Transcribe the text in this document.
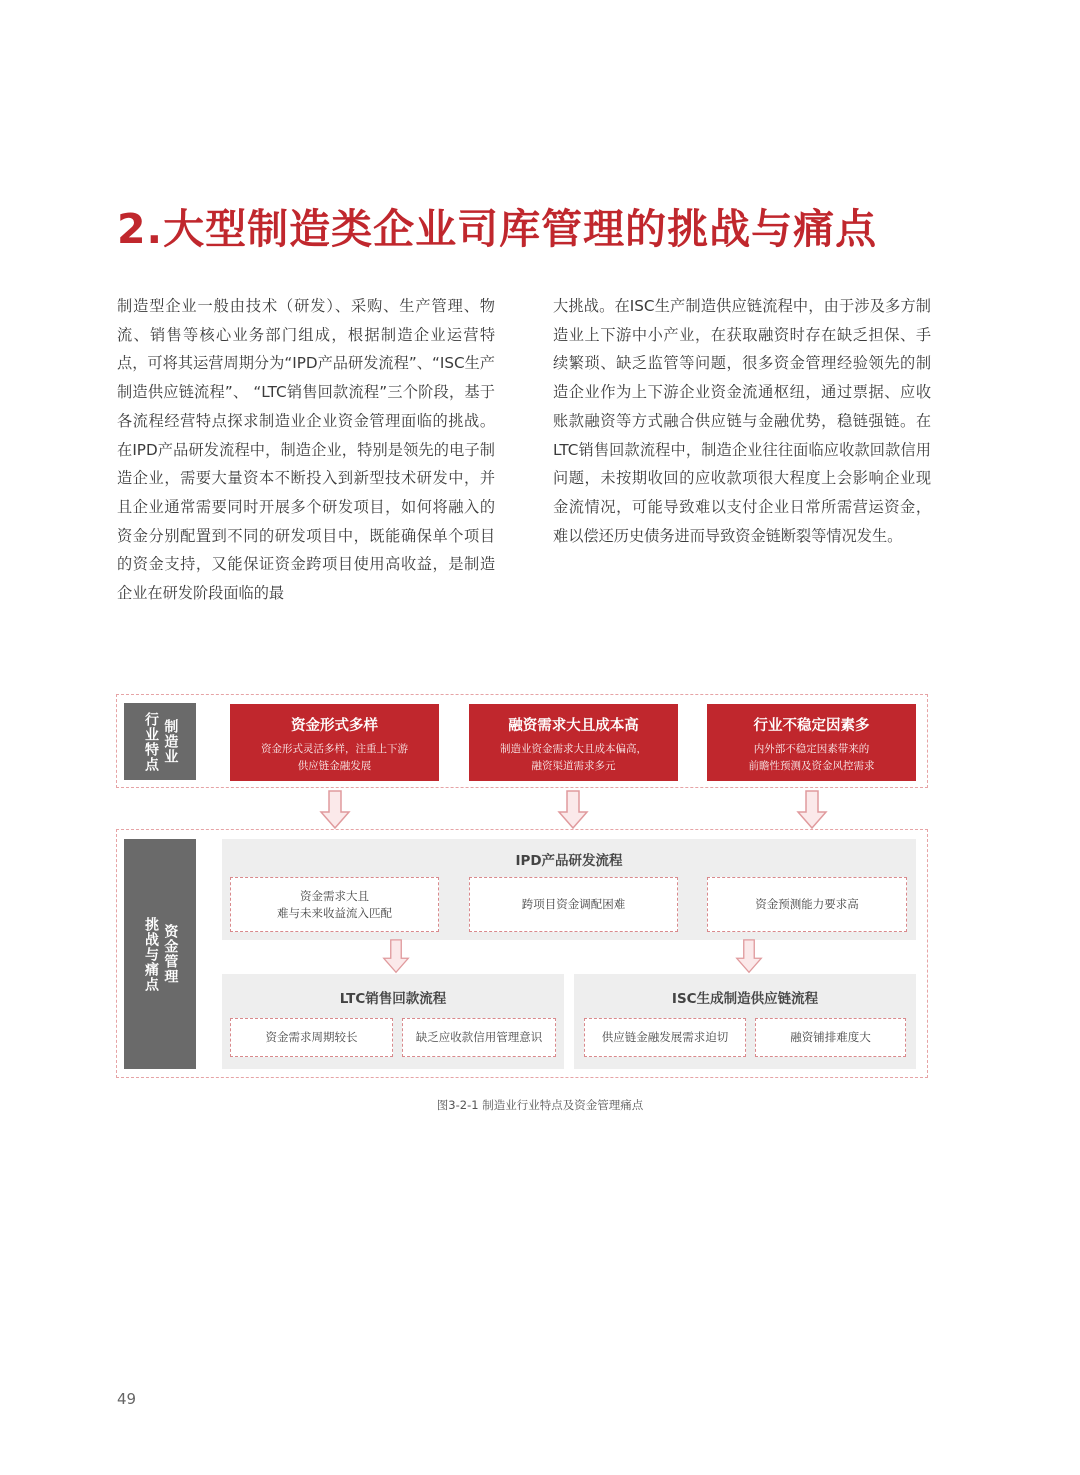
2.大型制造类企业司库管理的挑战与痛点

制造型企业一般由技术（研发）、采购、生产管理、物流、销售等核心业务部门组成，根据制造企业运营特点，可将其运营周期分为“IPD产品研发流程”、“ISC生产制造供应链流程”、 “LTC销售回款流程”三个阶段，基于各流程经营特点探求制造业企业资金管理面临的挑战。在IPD产品研发流程中，制造企业，特别是领先的电子制造企业，需要大量资本不断投入到新型技术研发中，并且企业通常需要同时开展多个研发项目，如何将融入的资金分别配置到不同的研发项目中，既能确保单个项目的资金支持，又能保证资金跨项目使用高收益，是制造企业在研发阶段面临的最

大挑战。在ISC生产制造供应链流程中，由于涉及多方制造业上下游中小产业，在获取融资时存在缺乏担保、手续繁琐、缺乏监管等问题，很多资金管理经验领先的制造企业作为上下游企业资金流通枢纽，通过票据、应收账款融资等方式融合供应链与金融优势，稳链强链。在LTC销售回款流程中，制造企业往往面临应收款回款信用问题，未按期收回的应收款项很大程度上会影响企业现金流情况，可能导致难以支付企业日常所需营运资金，难以偿还历史债务进而导致资金链断裂等情况发生。

制造业
行业特点	资金形式多样
资金形式灵活多样，注重上下游
供应链金融发展
融资需求大且成本高
制造业资金需求大且成本偏高，
融资渠道需求多元
行业不稳定因素多
内外部不稳定因素带来的
前瞻性预测及资金风控需求
资金管理
挑战与痛点
IPD产品研发流程
资金需求大且
难与未来收益流入匹配
跨项目资金调配困难	资金预测能力要求高
LTC销售回款流程
资金需求周期较长	缺乏应收款信用管理意识
ISC生成制造供应链流程
供应链金融发展需求迫切	融资铺排难度大
图3-2-1 制造业行业特点及资金管理痛点
49
